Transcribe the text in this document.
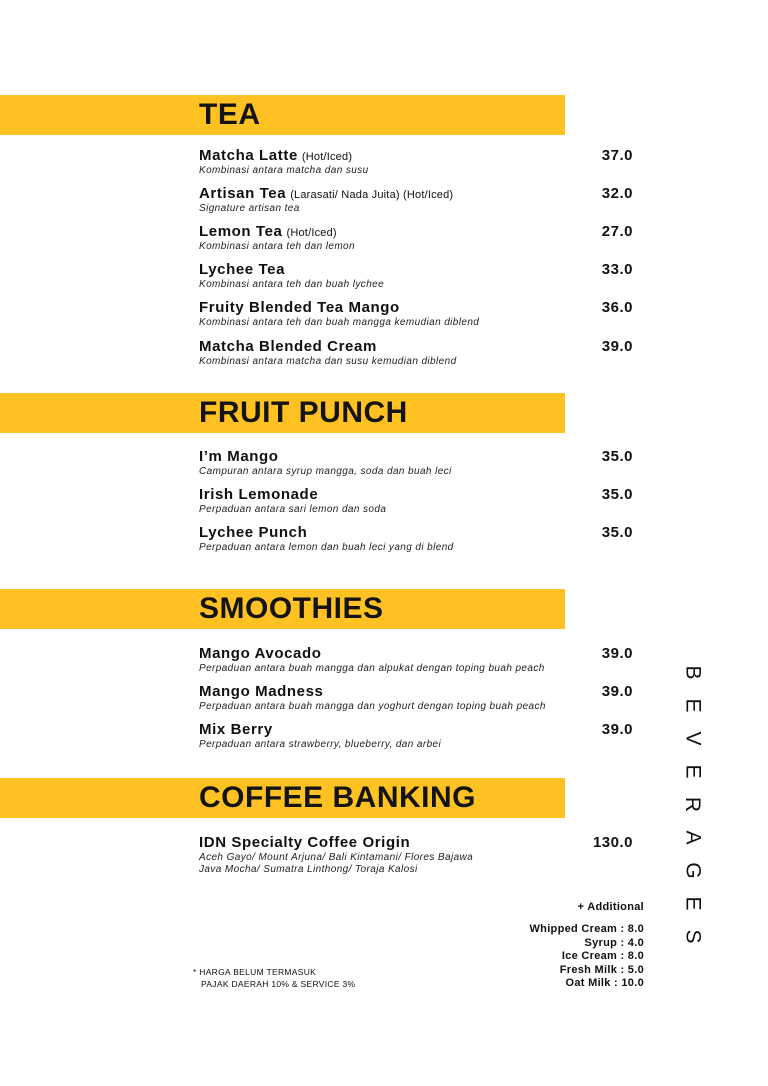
TEA
Matcha Latte (Hot/Iced)
Kombinasi antara matcha dan susu
37.0
Artisan Tea (Larasati/ Nada Juita) (Hot/Iced)
Signature artisan tea
32.0
Lemon Tea (Hot/Iced)
Kombinasi antara teh dan lemon
27.0
Lychee Tea
Kombinasi antara teh dan buah lychee
33.0
Fruity Blended Tea Mango
Kombinasi antara teh dan buah mangga kemudian diblend
36.0
Matcha Blended Cream
Kombinasi antara matcha dan susu kemudian diblend
39.0
FRUIT PUNCH
I’m Mango
Campuran antara syrup mangga, soda dan buah leci
35.0
Irish Lemonade
Perpaduan antara sari lemon dan soda
35.0
Lychee Punch
Perpaduan antara lemon dan buah leci yang di blend
35.0
SMOOTHIES
Mango Avocado
Perpaduan antara buah mangga dan alpukat dengan toping buah peach
39.0
Mango Madness
Perpaduan antara buah mangga dan yoghurt dengan toping buah peach
39.0
Mix Berry
Perpaduan antara strawberry, blueberry, dan arbei
39.0
COFFEE BANKING
IDN Specialty Coffee Origin
Aceh Gayo/ Mount Arjuna/ Bali Kintamani/ Flores Bajawa
Java Mocha/ Sumatra Linthong/ Toraja Kalosi
130.0
B
E
V
E
R
A
G
E
S
+ Additional
Whipped Cream : 8.0
Syrup : 4.0
Ice Cream : 8.0
Fresh Milk : 5.0
Oat Milk : 10.0
* HARGA BELUM TERMASUK
PAJAK DAERAH 10% & SERVICE 3%
